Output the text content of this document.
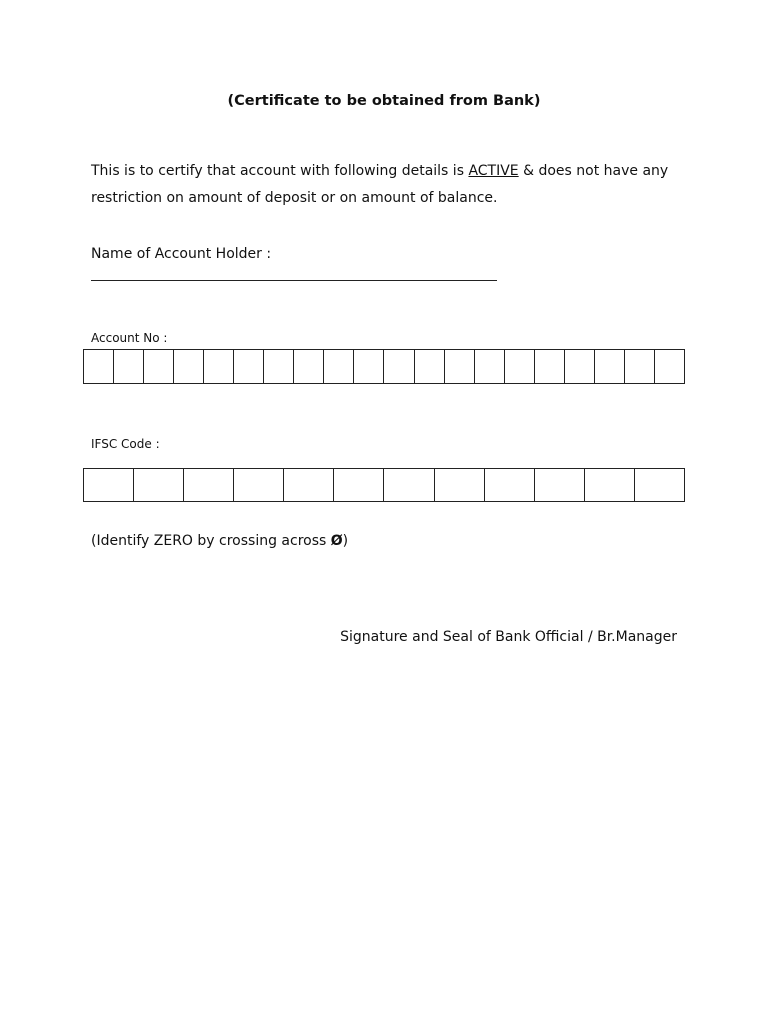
(Certificate to be obtained from Bank)

This is to certify that account with following details is ACTIVE & does not have any
restriction on amount of deposit or on amount of balance.

Name of Account Holder :
Account No :
IFSC Code :
(Identify ZERO by crossing across Ø)
Signature and Seal of Bank Official / Br.Manager
